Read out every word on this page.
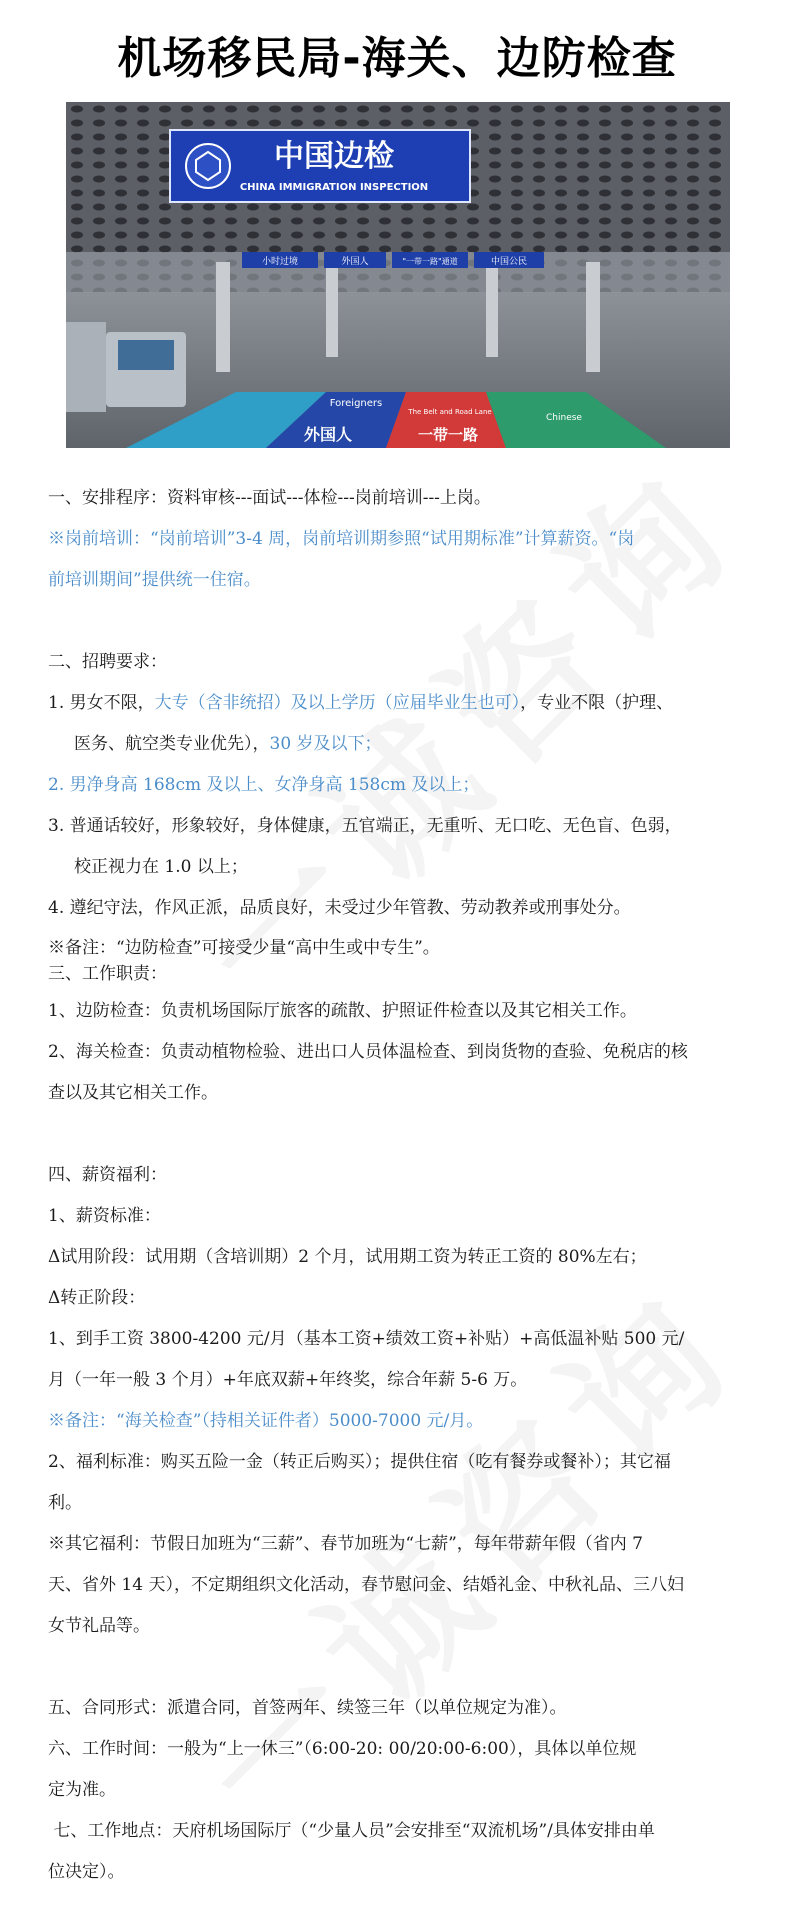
机场移民局-海关、边防检查
中国边检
CHINA IMMIGRATION INSPECTION
小时过境	外国人	"一带一路"通道	中国公民
Foreigners
外国人
The Belt and Road Lane
一带一路
Chinese

一、安排程序：资料审核---面试---体检---岗前培训---上岗。

※岗前培训：“岗前培训”3-4 周，岗前培训期参照“试用期标准”计算薪资。“岗

前培训期间”提供统一住宿。

二、招聘要求：

1. 男女不限，大专（含非统招）及以上学历（应届毕业生也可），专业不限（护理、

医务、航空类专业优先），30 岁及以下；

2. 男净身高 168cm 及以上、女净身高 158cm 及以上；

3. 普通话较好，形象较好，身体健康，五官端正，无重听、无口吃、无色盲、色弱，

校正视力在 1.0 以上；

4. 遵纪守法，作风正派，品质良好，未受过少年管教、劳动教养或刑事处分。

※备注：“边防检查”可接受少量“高中生或中专生”。

三、工作职责：

1、边防检查：负责机场国际厅旅客的疏散、护照证件检查以及其它相关工作。

2、海关检查：负责动植物检验、进出口人员体温检查、到岗货物的查验、免税店的核

查以及其它相关工作。

四、薪资福利：

1、薪资标准：

Δ试用阶段：试用期（含培训期）2 个月，试用期工资为转正工资的 80%左右；

Δ转正阶段：

1、到手工资 3800-4200 元/月（基本工资+绩效工资+补贴）+高低温补贴 500 元/

月（一年一般 3 个月）+年底双薪+年终奖，综合年薪 5-6 万。

※备注：“海关检查”（持相关证件者）5000-7000 元/月。

2、福利标准：购买五险一金（转正后购买）；提供住宿（吃有餐券或餐补）；其它福

利。

※其它福利：节假日加班为“三薪”、春节加班为“七薪”，每年带薪年假（省内 7

天、省外 14 天），不定期组织文化活动，春节慰问金、结婚礼金、中秋礼品、三八妇

女节礼品等。

五、合同形式：派遣合同，首签两年、续签三年（以单位规定为准）。

六、工作时间：一般为“上一休三”（6:00-20: 00/20:00-6:00），具体以单位规

定为准。

七、工作地点：天府机场国际厅（“少量人员”会安排至“双流机场”/具体安排由单

位决定）。
